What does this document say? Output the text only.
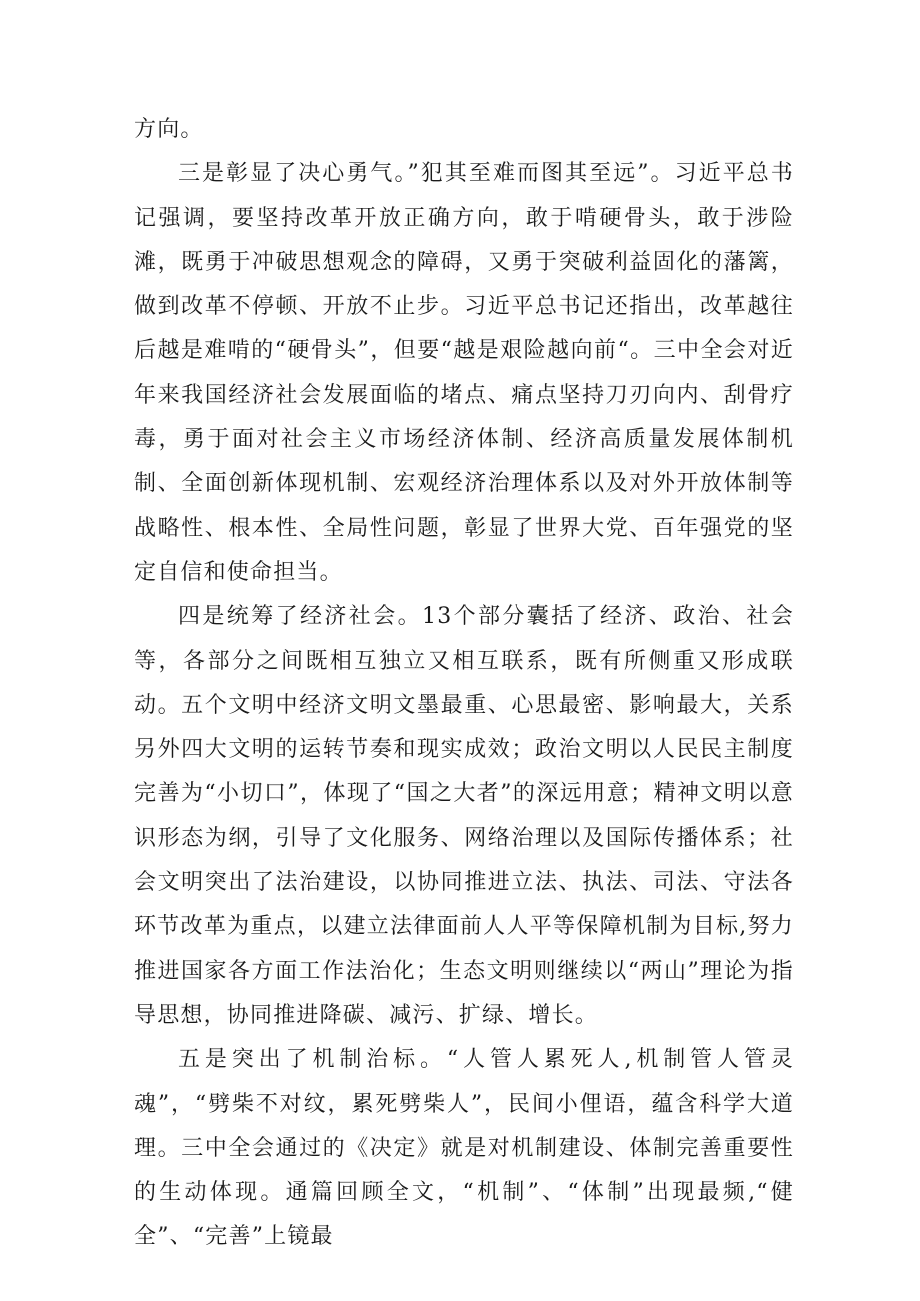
方向。

三是彰显了决心勇气。”犯其至难而图其至远”。习近平总书记强调，要坚持改革开放正确方向，敢于啃硬骨头，敢于涉险滩，既勇于冲破思想观念的障碍，又勇于突破利益固化的藩篱，做到改革不停顿、开放不止步。习近平总书记还指出，改革越往后越是难啃的“硬骨头”，但要“越是艰险越向前“。三中全会对近年来我国经济社会发展面临的堵点、痛点坚持刀刃向内、刮骨疗毒，勇于面对社会主义市场经济体制、经济高质量发展体制机制、全面创新体现机制、宏观经济治理体系以及对外开放体制等战略性、根本性、全局性问题，彰显了世界大党、百年强党的坚定自信和使命担当。

四是统筹了经济社会。13个部分囊括了经济、政治、社会等，各部分之间既相互独立又相互联系，既有所侧重又形成联动。五个文明中经济文明文墨最重、心思最密、影响最大，关系另外四大文明的运转节奏和现实成效；政治文明以人民民主制度完善为“小切口”，体现了“国之大者”的深远用意；精神文明以意识形态为纲，引导了文化服务、网络治理以及国际传播体系；社会文明突出了法治建设，以协同推进立法、执法、司法、守法各环节改革为重点，以建立法律面前人人平等保障机制为目标,努力推进国家各方面工作法治化；生态文明则继续以“两山”理论为指导思想，协同推进降碳、减污、扩绿、增长。

五是突出了机制治标。“人管人累死人,机制管人管灵魂”，“劈柴不对纹，累死劈柴人”，民间小俚语，蕴含科学大道理。三中全会通过的《决定》就是对机制建设、体制完善重要性的生动体现。通篇回顾全文，“机制”、“体制”出现最频,“健全”、“完善”上镜最
